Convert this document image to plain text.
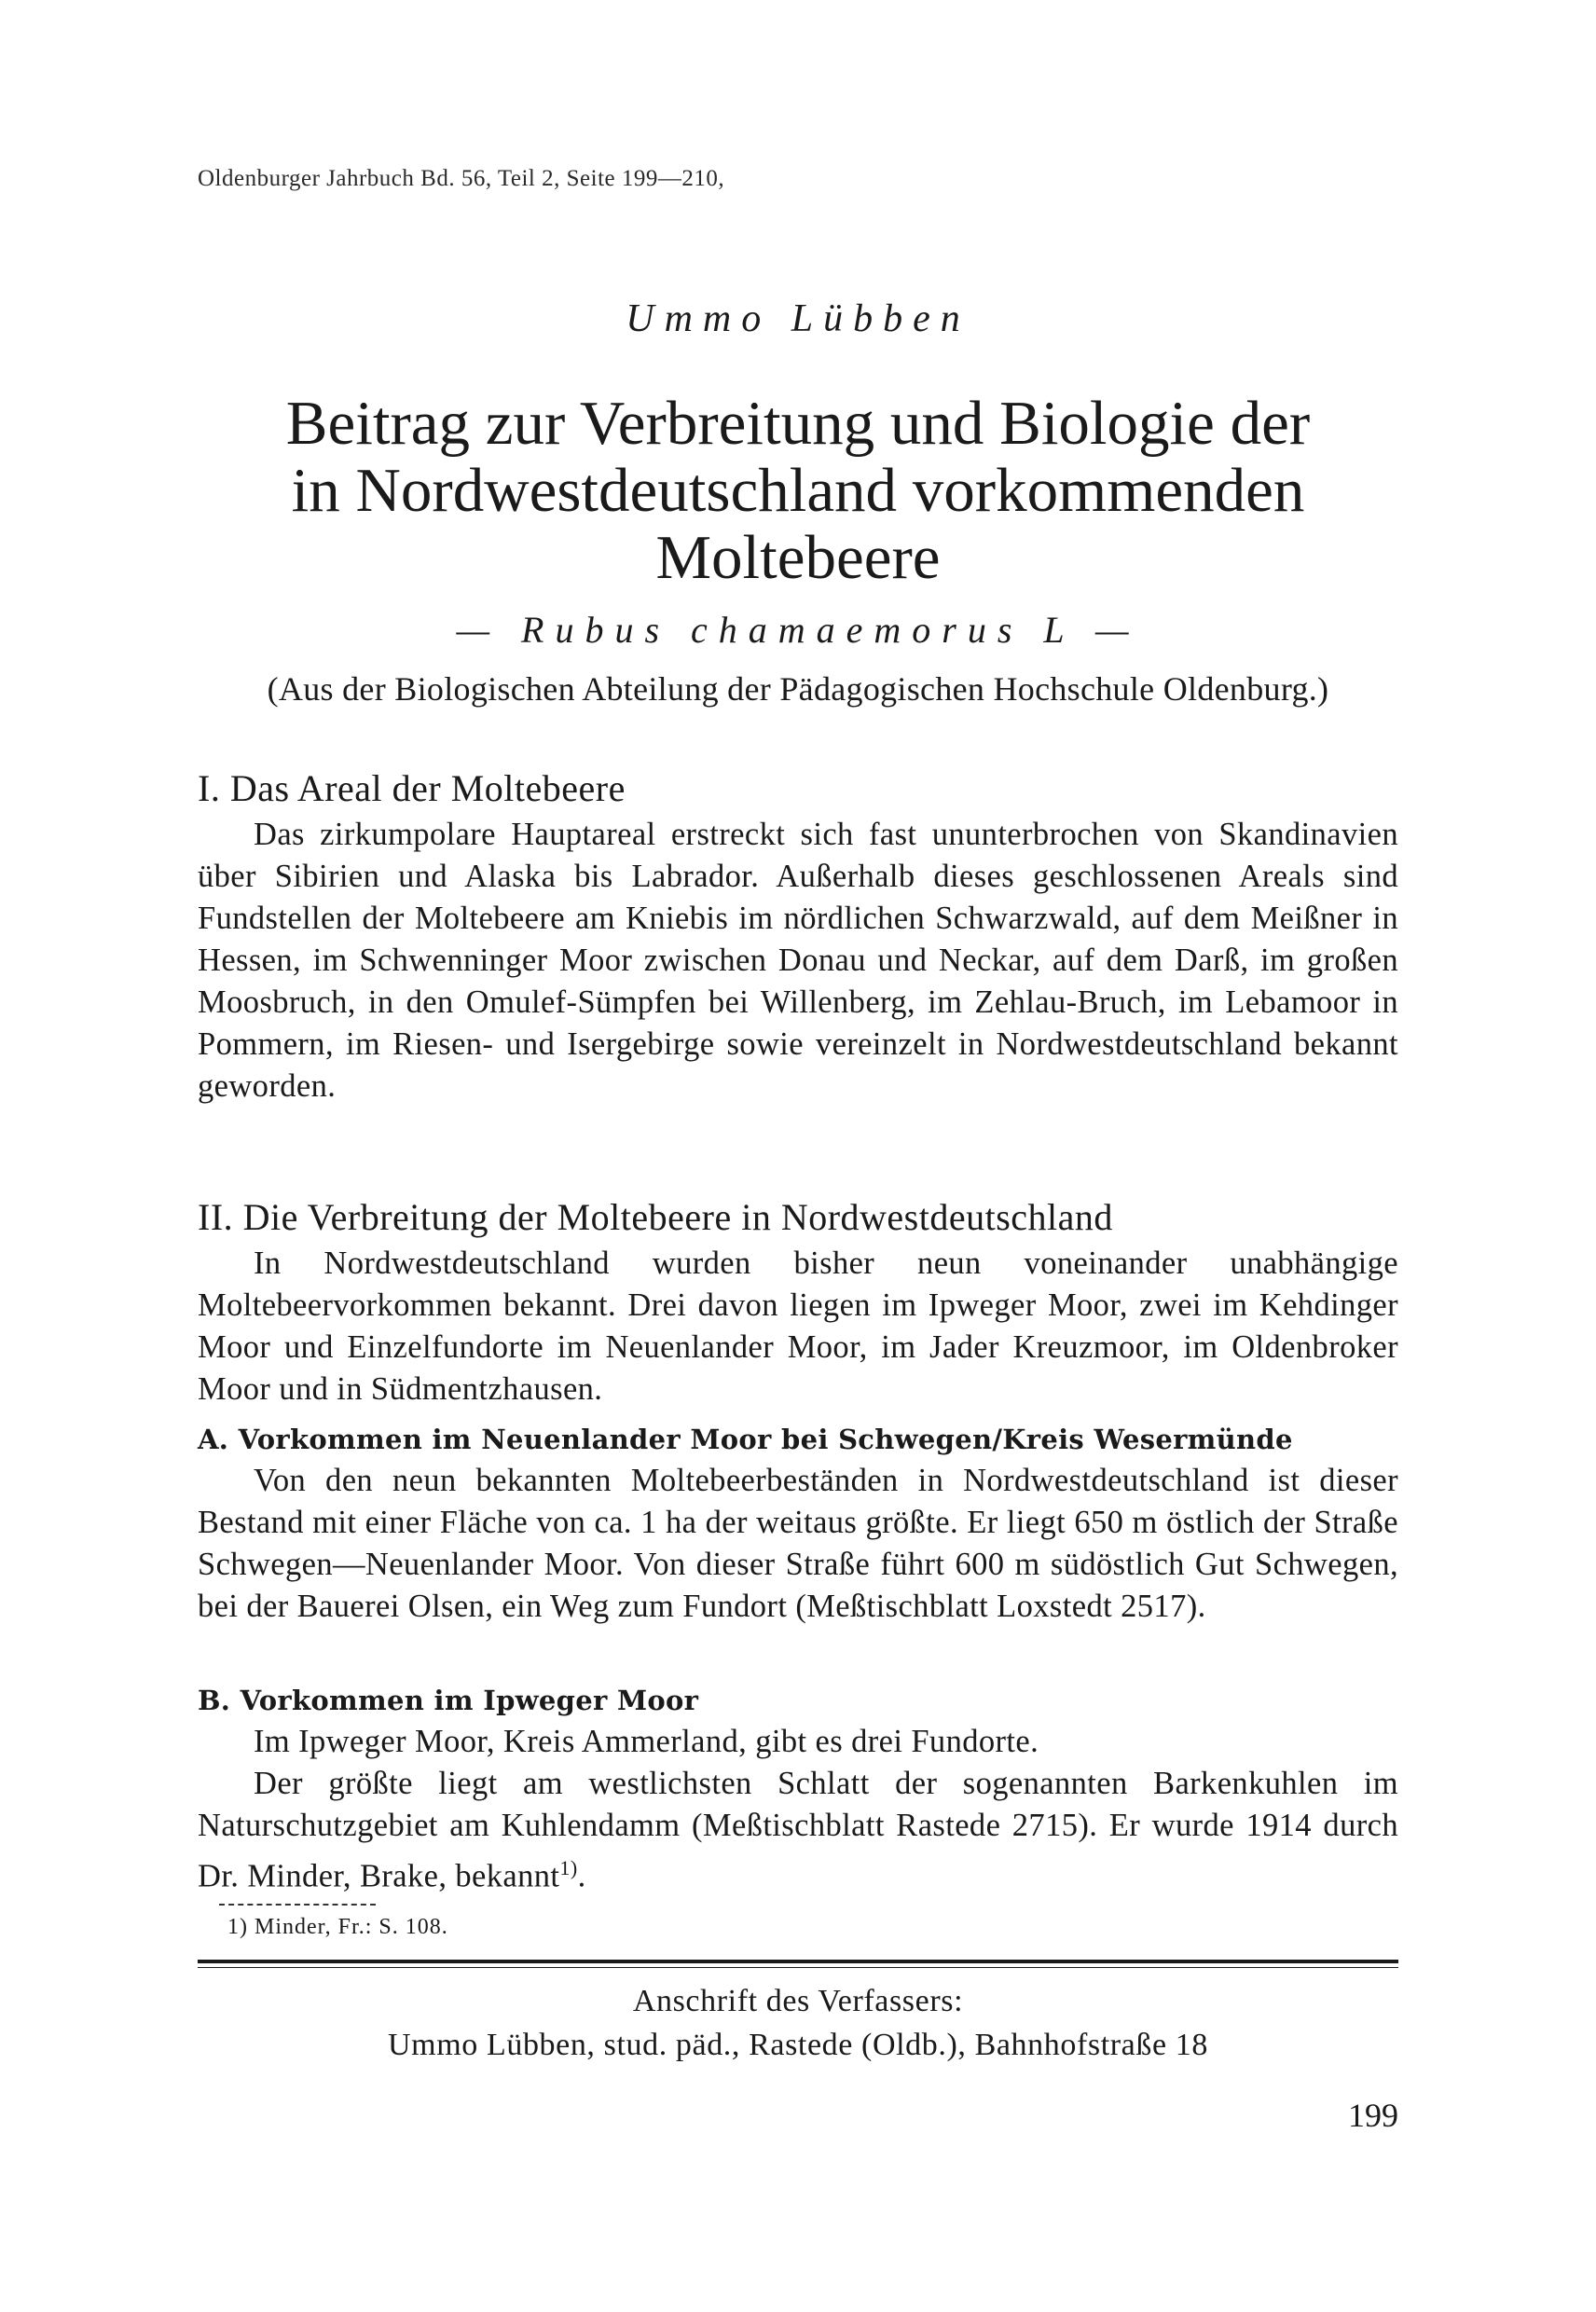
Oldenburger Jahrbuch Bd. 56, Teil 2, Seite 199—210,
Ummo Lübben
Beitrag zur Verbreitung und Biologie der
in Nordwestdeutschland vorkommenden
Moltebeere
— Rubus chamaemorus L —
(Aus der Biologischen Abteilung der Pädagogischen Hochschule Oldenburg.)
I. Das Areal der Moltebeere

Das zirkumpolare Hauptareal erstreckt sich fast ununterbrochen von Skandinavien über Sibirien und Alaska bis Labrador. Außerhalb dieses geschlossenen Areals sind Fundstellen der Moltebeere am Kniebis im nördlichen Schwarzwald, auf dem Meißner in Hessen, im Schwenninger Moor zwischen Donau und Neckar, auf dem Darß, im großen Moosbruch, in den Omulef-Sümpfen bei Willenberg, im Zehlau-Bruch, im Lebamoor in Pommern, im Riesen- und Isergebirge sowie vereinzelt in Nordwestdeutschland bekannt geworden.

II. Die Verbreitung der Moltebeere in Nordwestdeutschland

In Nordwestdeutschland wurden bisher neun voneinander unabhängige Moltebeervorkommen bekannt. Drei davon liegen im Ipweger Moor, zwei im Kehdinger Moor und Einzelfundorte im Neuenlander Moor, im Jader Kreuzmoor, im Oldenbroker Moor und in Südmentzhausen.

A. Vorkommen im Neuenlander Moor bei Schwegen/Kreis Wesermünde

Von den neun bekannten Moltebeerbeständen in Nordwestdeutschland ist dieser Bestand mit einer Fläche von ca. 1 ha der weitaus größte. Er liegt 650 m östlich der Straße Schwegen—Neuenlander Moor. Von dieser Straße führt 600 m südöstlich Gut Schwegen, bei der Bauerei Olsen, ein Weg zum Fundort (Meßtischblatt Loxstedt 2517).

B. Vorkommen im Ipweger Moor

Im Ipweger Moor, Kreis Ammerland, gibt es drei Fundorte.

Der größte liegt am westlichsten Schlatt der sogenannten Barkenkuhlen im Naturschutzgebiet am Kuhlendamm (Meßtischblatt Rastede 2715). Er wurde 1914 durch Dr. Minder, Brake, bekannt$^{1)}$.

1) Minder, Fr.: S. 108.
Anschrift des Verfassers:
Ummo Lübben, stud. päd., Rastede (Oldb.), Bahnhofstraße 18
199
